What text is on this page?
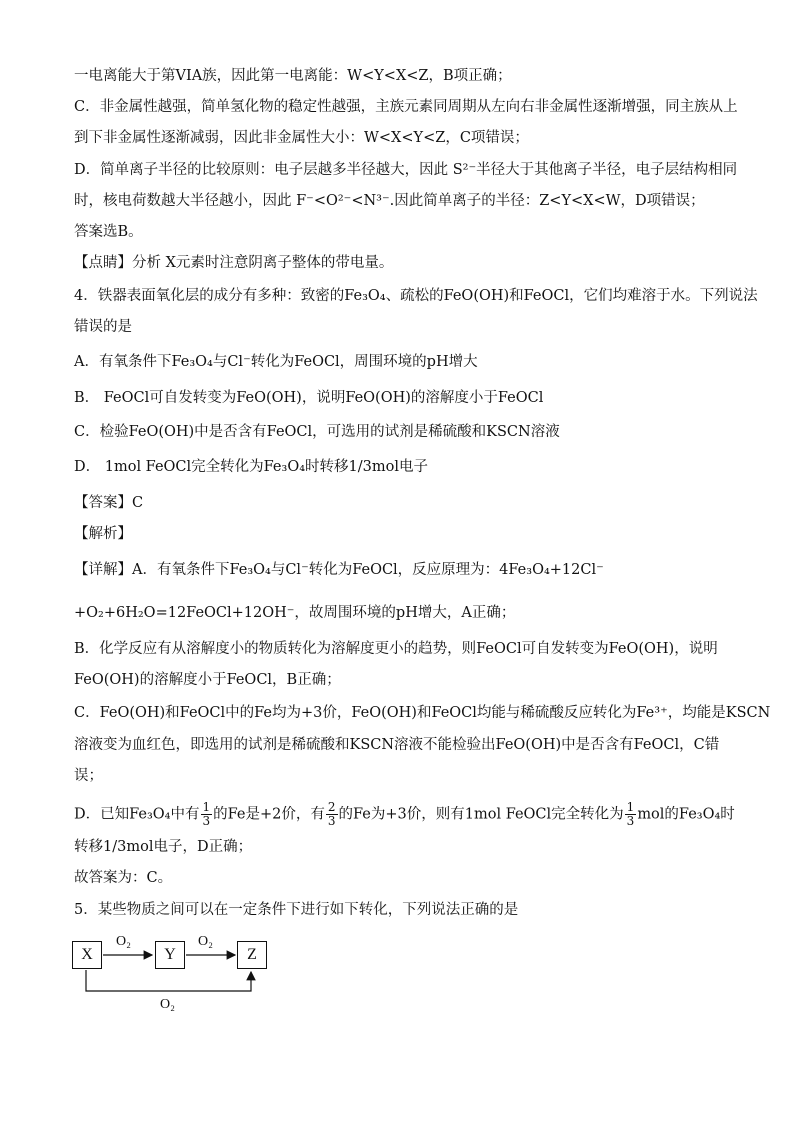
一电离能大于第VIA族，因此第一电离能：W<Y<X<Z，B项正确；
C．非金属性越强，简单氢化物的稳定性越强，主族元素同周期从左向右非金属性逐渐增强，同主族从上
到下非金属性逐渐减弱，因此非金属性大小：W<X<Y<Z，C项错误；
D．简单离子半径的比较原则：电子层越多半径越大，因此 S²⁻半径大于其他离子半径，电子层结构相同
时，核电荷数越大半径越小，因此 F⁻<O²⁻<N³⁻.因此简单离子的半径：Z<Y<X<W，D项错误；
答案选B。
【点睛】分析 X元素时注意阴离子整体的带电量。
4．铁器表面氧化层的成分有多种：致密的Fe₃O₄、疏松的FeO(OH)和FeOCl，它们均难溶于水。下列说法
错误的是
A．有氧条件下Fe₃O₄与Cl⁻转化为FeOCl，周围环境的pH增大
B． FeOCl可自发转变为FeO(OH)，说明FeO(OH)的溶解度小于FeOCl
C．检验FeO(OH)中是否含有FeOCl，可选用的试剂是稀硫酸和KSCN溶液
D． 1mol FeOCl完全转化为Fe₃O₄时转移1/3mol电子
【答案】C
【解析】
【详解】A．有氧条件下Fe₃O₄与Cl⁻转化为FeOCl，反应原理为：4Fe₃O₄+12Cl⁻
+O₂+6H₂O=12FeOCl+12OH⁻，故周围环境的pH增大，A正确；
B．化学反应有从溶解度小的物质转化为溶解度更小的趋势，则FeOCl可自发转变为FeO(OH)，说明
FeO(OH)的溶解度小于FeOCl，B正确；
C．FeO(OH)和FeOCl中的Fe均为+3价，FeO(OH)和FeOCl均能与稀硫酸反应转化为Fe³⁺，均能是KSCN
溶液变为血红色，即选用的试剂是稀硫酸和KSCN溶液不能检验出FeO(OH)中是否含有FeOCl，C错
误；
D．已知Fe₃O₄中有 $\frac{1}{3}$ 的Fe是+2价，有 $\frac{2}{3}$ 的Fe为+3价，则有1mol FeOCl完全转化为 $\frac{1}{3}$ mol的Fe₃O₄时
转移1/3mol电子，D正确；
故答案为：C。
5．某些物质之间可以在一定条件下进行如下转化，下列说法正确的是
X	Y	Z
O₂	O₂
O₂
